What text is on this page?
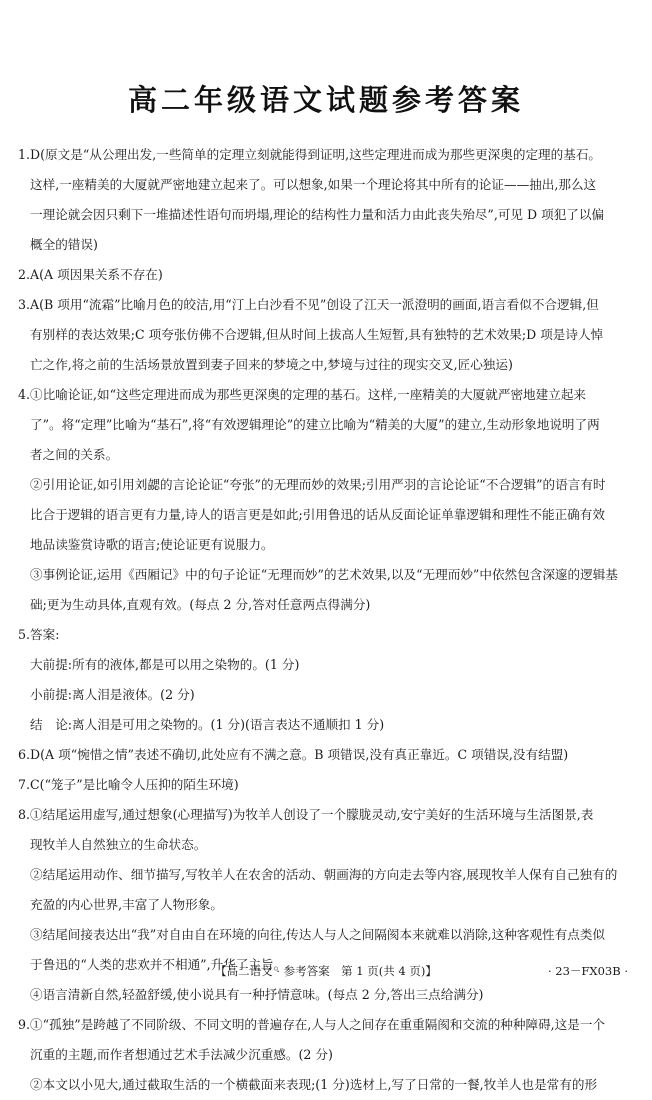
高二年级语文试题参考答案
1. D(原文是“从公理出发,一些简单的定理立刻就能得到证明,这些定理进而成为那些更深奥的定理的基石。
这样,一座精美的大厦就严密地建立起来了。可以想象,如果一个理论将其中所有的论证——抽出,那么这
一理论就会因只剩下一堆描述性语句而坍塌,理论的结构性力量和活力由此丧失殆尽”,可见 D 项犯了以偏
概全的错误)
2. A(A 项因果关系不存在)
3. A(B 项用“流霜”比喻月色的皎洁,用“汀上白沙看不见”创设了江天一派澄明的画面,语言看似不合逻辑,但
有别样的表达效果;C 项夸张仿佛不合逻辑,但从时间上拔高人生短暂,具有独特的艺术效果;D 项是诗人悼
亡之作,将之前的生活场景放置到妻子回来的梦境之中,梦境与过往的现实交叉,匠心独运)
4. ①比喻论证,如“这些定理进而成为那些更深奥的定理的基石。这样,一座精美的大厦就严密地建立起来
了”。将“定理”比喻为“基石”,将“有效逻辑理论”的建立比喻为“精美的大厦”的建立,生动形象地说明了两
者之间的关系。
②引用论证,如引用刘勰的言论论证“夸张”的无理而妙的效果;引用严羽的言论论证“不合逻辑”的语言有时
比合于逻辑的语言更有力量,诗人的语言更是如此;引用鲁迅的话从反面论证单靠逻辑和理性不能正确有效
地品读鉴赏诗歌的语言;使论证更有说服力。
③事例论证,运用《西厢记》中的句子论证“无理而妙”的艺术效果,以及“无理而妙”中依然包含深邃的逻辑基
础;更为生动具体,直观有效。(每点 2 分,答对任意两点得满分)
5. 答案:
大前提:所有的液体,都是可以用之染物的。(1 分)
小前提:离人泪是液体。(2 分)
结　论:离人泪是可用之染物的。(1 分)(语言表达不通顺扣 1 分)
6. D(A 项“惋惜之情”表述不确切,此处应有不满之意。B 项错误,没有真正靠近。C 项错误,没有结盟)
7. C(“笼子”是比喻令人压抑的陌生环境)
8. ①结尾运用虚写,通过想象(心理描写)为牧羊人创设了一个朦胧灵动,安宁美好的生活环境与生活图景,表
现牧羊人自然独立的生命状态。
②结尾运用动作、细节描写,写牧羊人在农舍的活动、朝画海的方向走去等内容,展现牧羊人保有自己独有的
充盈的内心世界,丰富了人物形象。
③结尾间接表达出“我”对自由自在环境的向往,传达人与人之间隔阂本来就难以消除,这种客观性有点类似
于鲁迅的“人类的悲欢并不相通”,升华了主旨。
④语言清新自然,轻盈舒缓,使小说具有一种抒情意味。(每点 2 分,答出三点给满分)
9. ①“孤独”是跨越了不同阶级、不同文明的普遍存在,人与人之间存在重重隔阂和交流的种种障碍,这是一个
沉重的主题,而作者想通过艺术手法减少沉重感。(2 分)
②本文以小见大,通过截取生活的一个横截面来表现;(1 分)选材上,写了日常的一餐,牧羊人也是常有的形
【高二语文 · 参考答案　第 1 页(共 4 页)】	· 23－FX03B ·
